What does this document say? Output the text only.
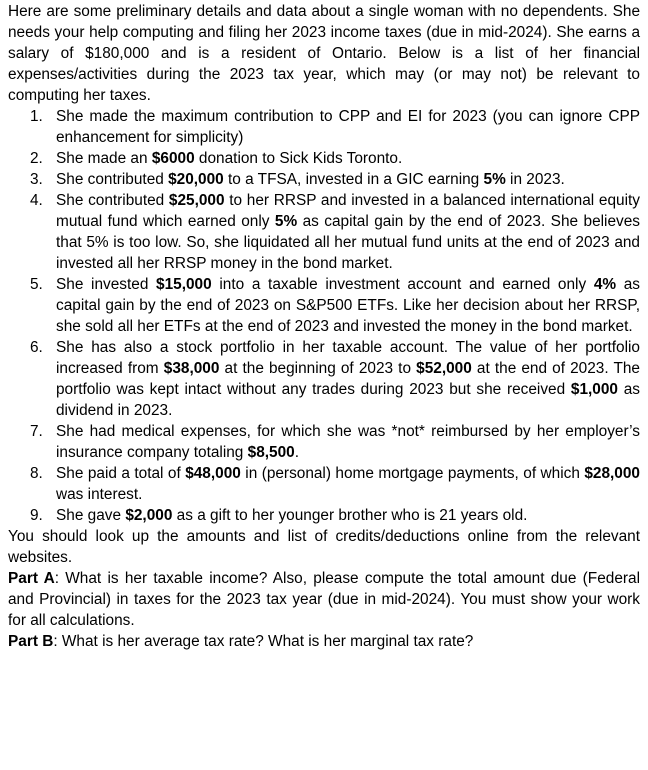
Here are some preliminary details and data about a single woman with no dependents. She needs your help computing and filing her 2023 income taxes (due in mid-2024). She earns a salary of $180,000 and is a resident of Ontario. Below is a list of her financial expenses/activities during the 2023 tax year, which may (or may not) be relevant to computing her taxes.

1. She made the maximum contribution to CPP and EI for 2023 (you can ignore CPP enhancement for simplicity)
2. She made an $6000 donation to Sick Kids Toronto.
3. She contributed $20,000 to a TFSA, invested in a GIC earning 5% in 2023.
4. She contributed $25,000 to her RRSP and invested in a balanced international equity mutual fund which earned only 5% as capital gain by the end of 2023. She believes that 5% is too low. So, she liquidated all her mutual fund units at the end of 2023 and invested all her RRSP money in the bond market.
5. She invested $15,000 into a taxable investment account and earned only 4% as capital gain by the end of 2023 on S&P500 ETFs. Like her decision about her RRSP, she sold all her ETFs at the end of 2023 and invested the money in the bond market.
6. She has also a stock portfolio in her taxable account. The value of her portfolio increased from $38,000 at the beginning of 2023 to $52,000 at the end of 2023. The portfolio was kept intact without any trades during 2023 but she received $1,000 as dividend in 2023.
7. She had medical expenses, for which she was *not* reimbursed by her employer’s insurance company totaling $8,500.
8. She paid a total of $48,000 in (personal) home mortgage payments, of which $28,000 was interest.
9. She gave $2,000 as a gift to her younger brother who is 21 years old.

You should look up the amounts and list of credits/deductions online from the relevant websites.

Part A: What is her taxable income? Also, please compute the total amount due (Federal and Provincial) in taxes for the 2023 tax year (due in mid-2024). You must show your work for all calculations.

Part B: What is her average tax rate? What is her marginal tax rate?
